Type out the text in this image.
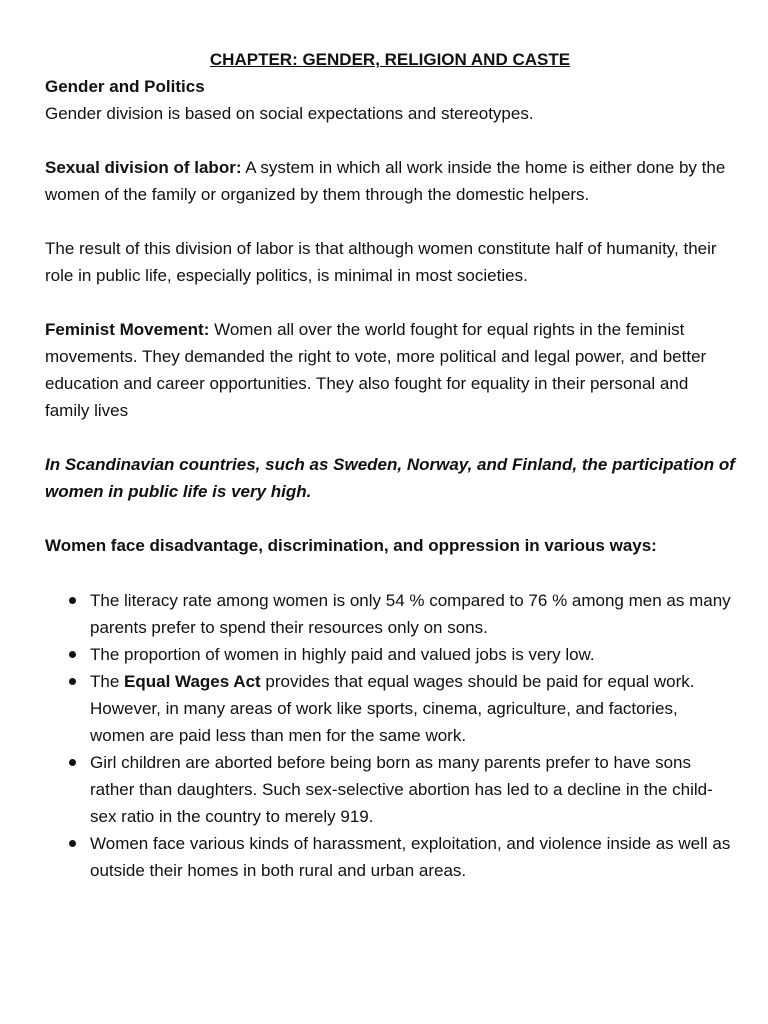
CHAPTER: GENDER, RELIGION AND CASTE

Gender and Politics

Gender division is based on social expectations and stereotypes.

Sexual division of labor: A system in which all work inside the home is either done by the women of the family or organized by them through the domestic helpers.

The result of this division of labor is that although women constitute half of humanity, their role in public life, especially politics, is minimal in most societies.

Feminist Movement: Women all over the world fought for equal rights in the feminist movements. They demanded the right to vote, more political and legal power, and better education and career opportunities. They also fought for equality in their personal and family lives

In Scandinavian countries, such as Sweden, Norway, and Finland, the participation of women in public life is very high.

Women face disadvantage, discrimination, and oppression in various ways:

The literacy rate among women is only 54 % compared to 76 % among men as many parents prefer to spend their resources only on sons.
The proportion of women in highly paid and valued jobs is very low.
The Equal Wages Act provides that equal wages should be paid for equal work. However, in many areas of work like sports, cinema, agriculture, and factories, women are paid less than men for the same work.
Girl children are aborted before being born as many parents prefer to have sons rather than daughters. Such sex-selective abortion has led to a decline in the child-sex ratio in the country to merely 919.
Women face various kinds of harassment, exploitation, and violence inside as well as outside their homes in both rural and urban areas.
